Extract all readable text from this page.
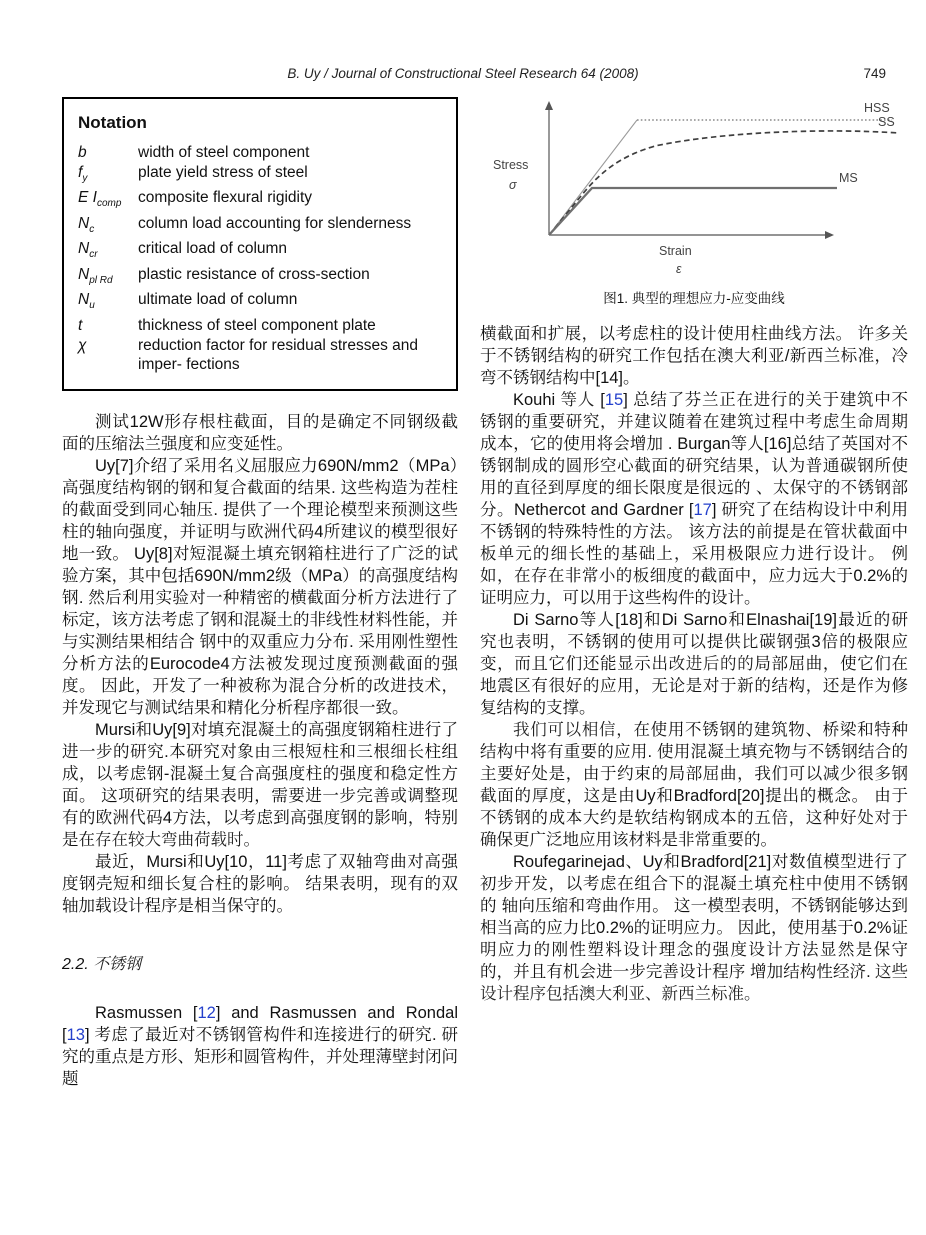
B. Uy / Journal of Constructional Steel Research 64 (2008)	749
Notation
b	width of steel component
$f_y$	plate yield stress of steel
E $I_{comp}$	composite flexural rigidity
$N_c$	column load accounting for slenderness
$N_{cr}$	critical load of column
$N_{pl Rd}$	plastic resistance of cross-section
$N_u$	ultimate load of column
t	thickness of steel component plate
χ	reduction factor for residual stresses and imper- fections

测试12W形存根柱截面，目的是确定不同钢级截面的压缩法兰强度和应变延性。

Uy[7]介绍了采用名义屈服应力690N/mm2（MPa）高强度结构钢的钢和复合截面的结果. 这些构造为茬柱的截面受到同心轴压. 提供了一个理论模型来预测这些柱的轴向强度，并证明与欧洲代码4所建议的模型很好地一致。 Uy[8]对短混凝土填充钢箱柱进行了广泛的试验方案，其中包括690N/mm2级（MPa）的高强度结构钢. 然后利用实验对一种精密的横截面分析方法进行了标定，该方法考虑了钢和混凝土的非线性材料性能，并与实测结果相结合 钢中的双重应力分布. 采用刚性塑性分析方法的Eurocode4方法被发现过度预测截面的强度。 因此，开发了一种被称为混合分析的改进技术，并发现它与测试结果和精化分析程序都很一致。

Mursi和Uy[9]对填充混凝土的高强度钢箱柱进行了进一步的研究.本研究对象由三根短柱和三根细长柱组成，以考虑钢-混凝土复合高强度柱的强度和稳定性方面。 这项研究的结果表明，需要进一步完善或调整现有的欧洲代码4方法，以考虑到高强度钢的影响，特别是在存在较大弯曲荷载时。

最近，Mursi和Uy[10，11]考虑了双轴弯曲对高强度钢壳短和细长复合柱的影响。 结果表明，现有的双轴加载设计程序是相当保守的。

2.2. 不锈钢

Rasmussen [12] and Rasmussen and Rondal [13] 考虑了最近对不锈钢管构件和连接进行的研究. 研究的重点是方形、矩形和圆管构件，并处理薄壁封闭问题

HSS
SS
MS
Stress
σ
Strain
ε
图1. 典型的理想应力-应变曲线

横截面和扩展，以考虑柱的设计使用柱曲线方法。 许多关于不锈钢结构的研究工作包括在澳大利亚/新西兰标准，冷弯不锈钢结构中[14]。

Kouhi 等人 [15] 总结了芬兰正在进行的关于建筑中不锈钢的重要研究，并建议随着在建筑过程中考虑生命周期成本，它的使用将会增加 . Burgan等人[16]总结了英国对不锈钢制成的圆形空心截面的研究结果，认为普通碳钢所使用的直径到厚度的细长限度是很远的 、太保守的不锈钢部分。Nethercot and Gardner [17] 研究了在结构设计中利用不锈钢的特殊特性的方法。 该方法的前提是在管状截面中板单元的细长性的基础上，采用极限应力进行设计。 例如，在存在非常小的板细度的截面中，应力远大于0.2%的证明应力，可以用于这些构件的设计。

Di Sarno等人[18]和Di Sarno和Elnashai[19]最近的研究也表明，不锈钢的使用可以提供比碳钢强3倍的极限应变，而且它们还能显示出改进后的的局部屈曲，使它们在地震区有很好的应用，无论是对于新的结构，还是作为修复结构的支撑。

我们可以相信，在使用不锈钢的建筑物、桥梁和特种结构中将有重要的应用. 使用混凝土填充物与不锈钢结合的主要好处是，由于约束的局部屈曲，我们可以减少很多钢截面的厚度，这是由Uy和Bradford[20]提出的概念。 由于不锈钢的成本大约是软结构钢成本的五倍，这种好处对于确保更广泛地应用该材料是非常重要的。

Roufegarinejad、Uy和Bradford[21]对数值模型进行了初步开发，以考虑在组合下的混凝土填充柱中使用不锈钢的 轴向压缩和弯曲作用。 这一模型表明，不锈钢能够达到相当高的应力比0.2%的证明应力。 因此，使用基于0.2%证明应力的刚性塑料设计理念的强度设计方法显然是保守的，并且有机会进一步完善设计程序 增加结构性经济. 这些设计程序包括澳大利亚、新西兰标准。
